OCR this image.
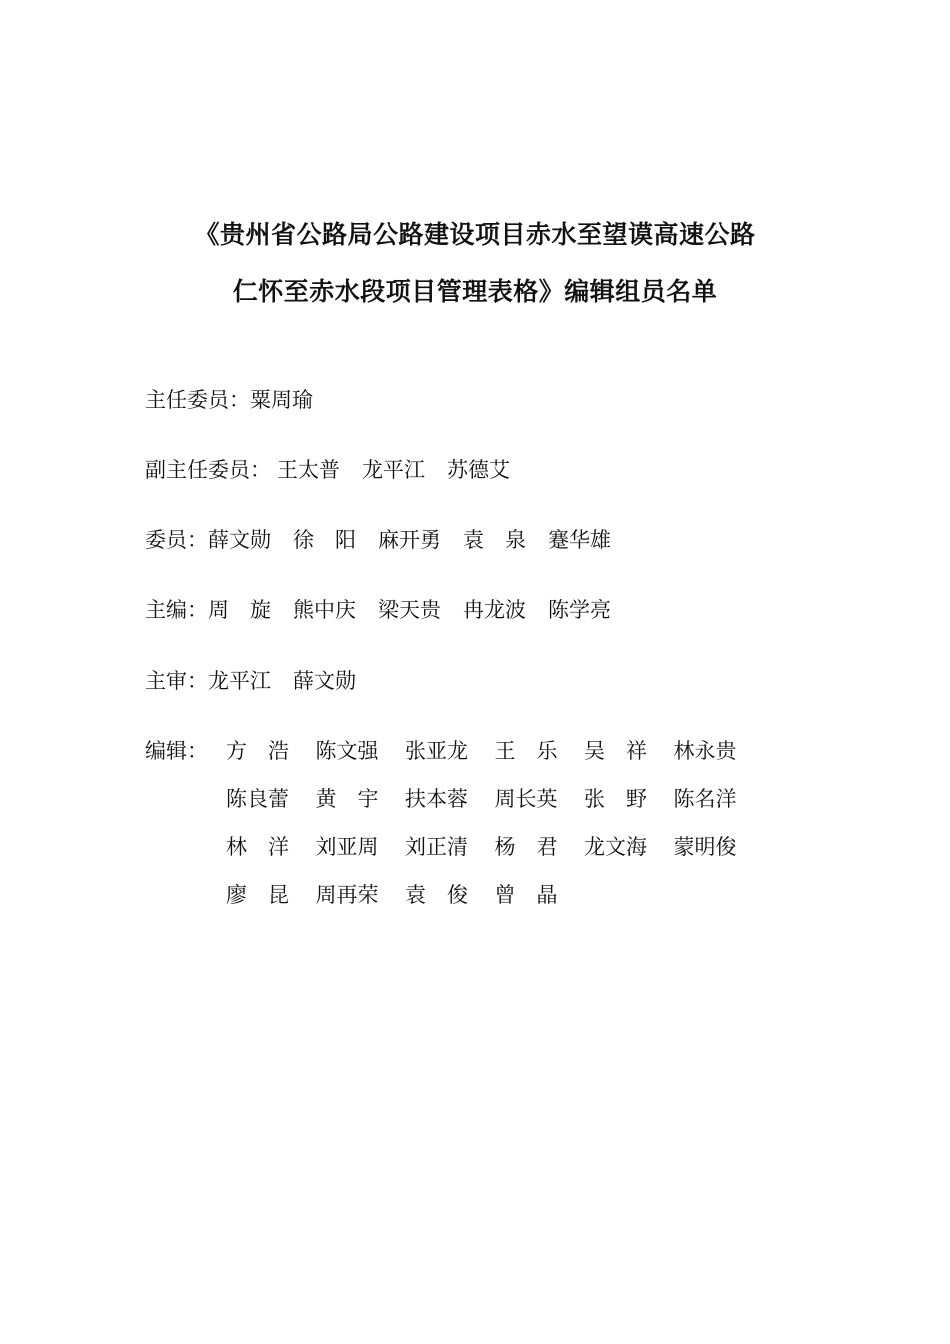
《贵州省公路局公路建设项目赤水至望谟高速公路
仁怀至赤水段项目管理表格》编辑组员名单
主任委员：粟周瑜
副主任委员： 王太普 龙平江 苏德艾
委员：薛文勋 徐　阳 麻开勇 袁　泉 蹇华雄
主编：周　旋 熊中庆 梁天贵 冉龙波 陈学亮
主审：龙平江 薛文勋
编辑： 方　浩	陈文强	张亚龙	王　乐	吴　祥	林永贵
陈良蕾	黄　宇	扶本蓉	周长英	张　野	陈名洋
林　洋	刘亚周	刘正清	杨　君	龙文海	蒙明俊
廖　昆	周再荣	袁　俊	曾　晶
